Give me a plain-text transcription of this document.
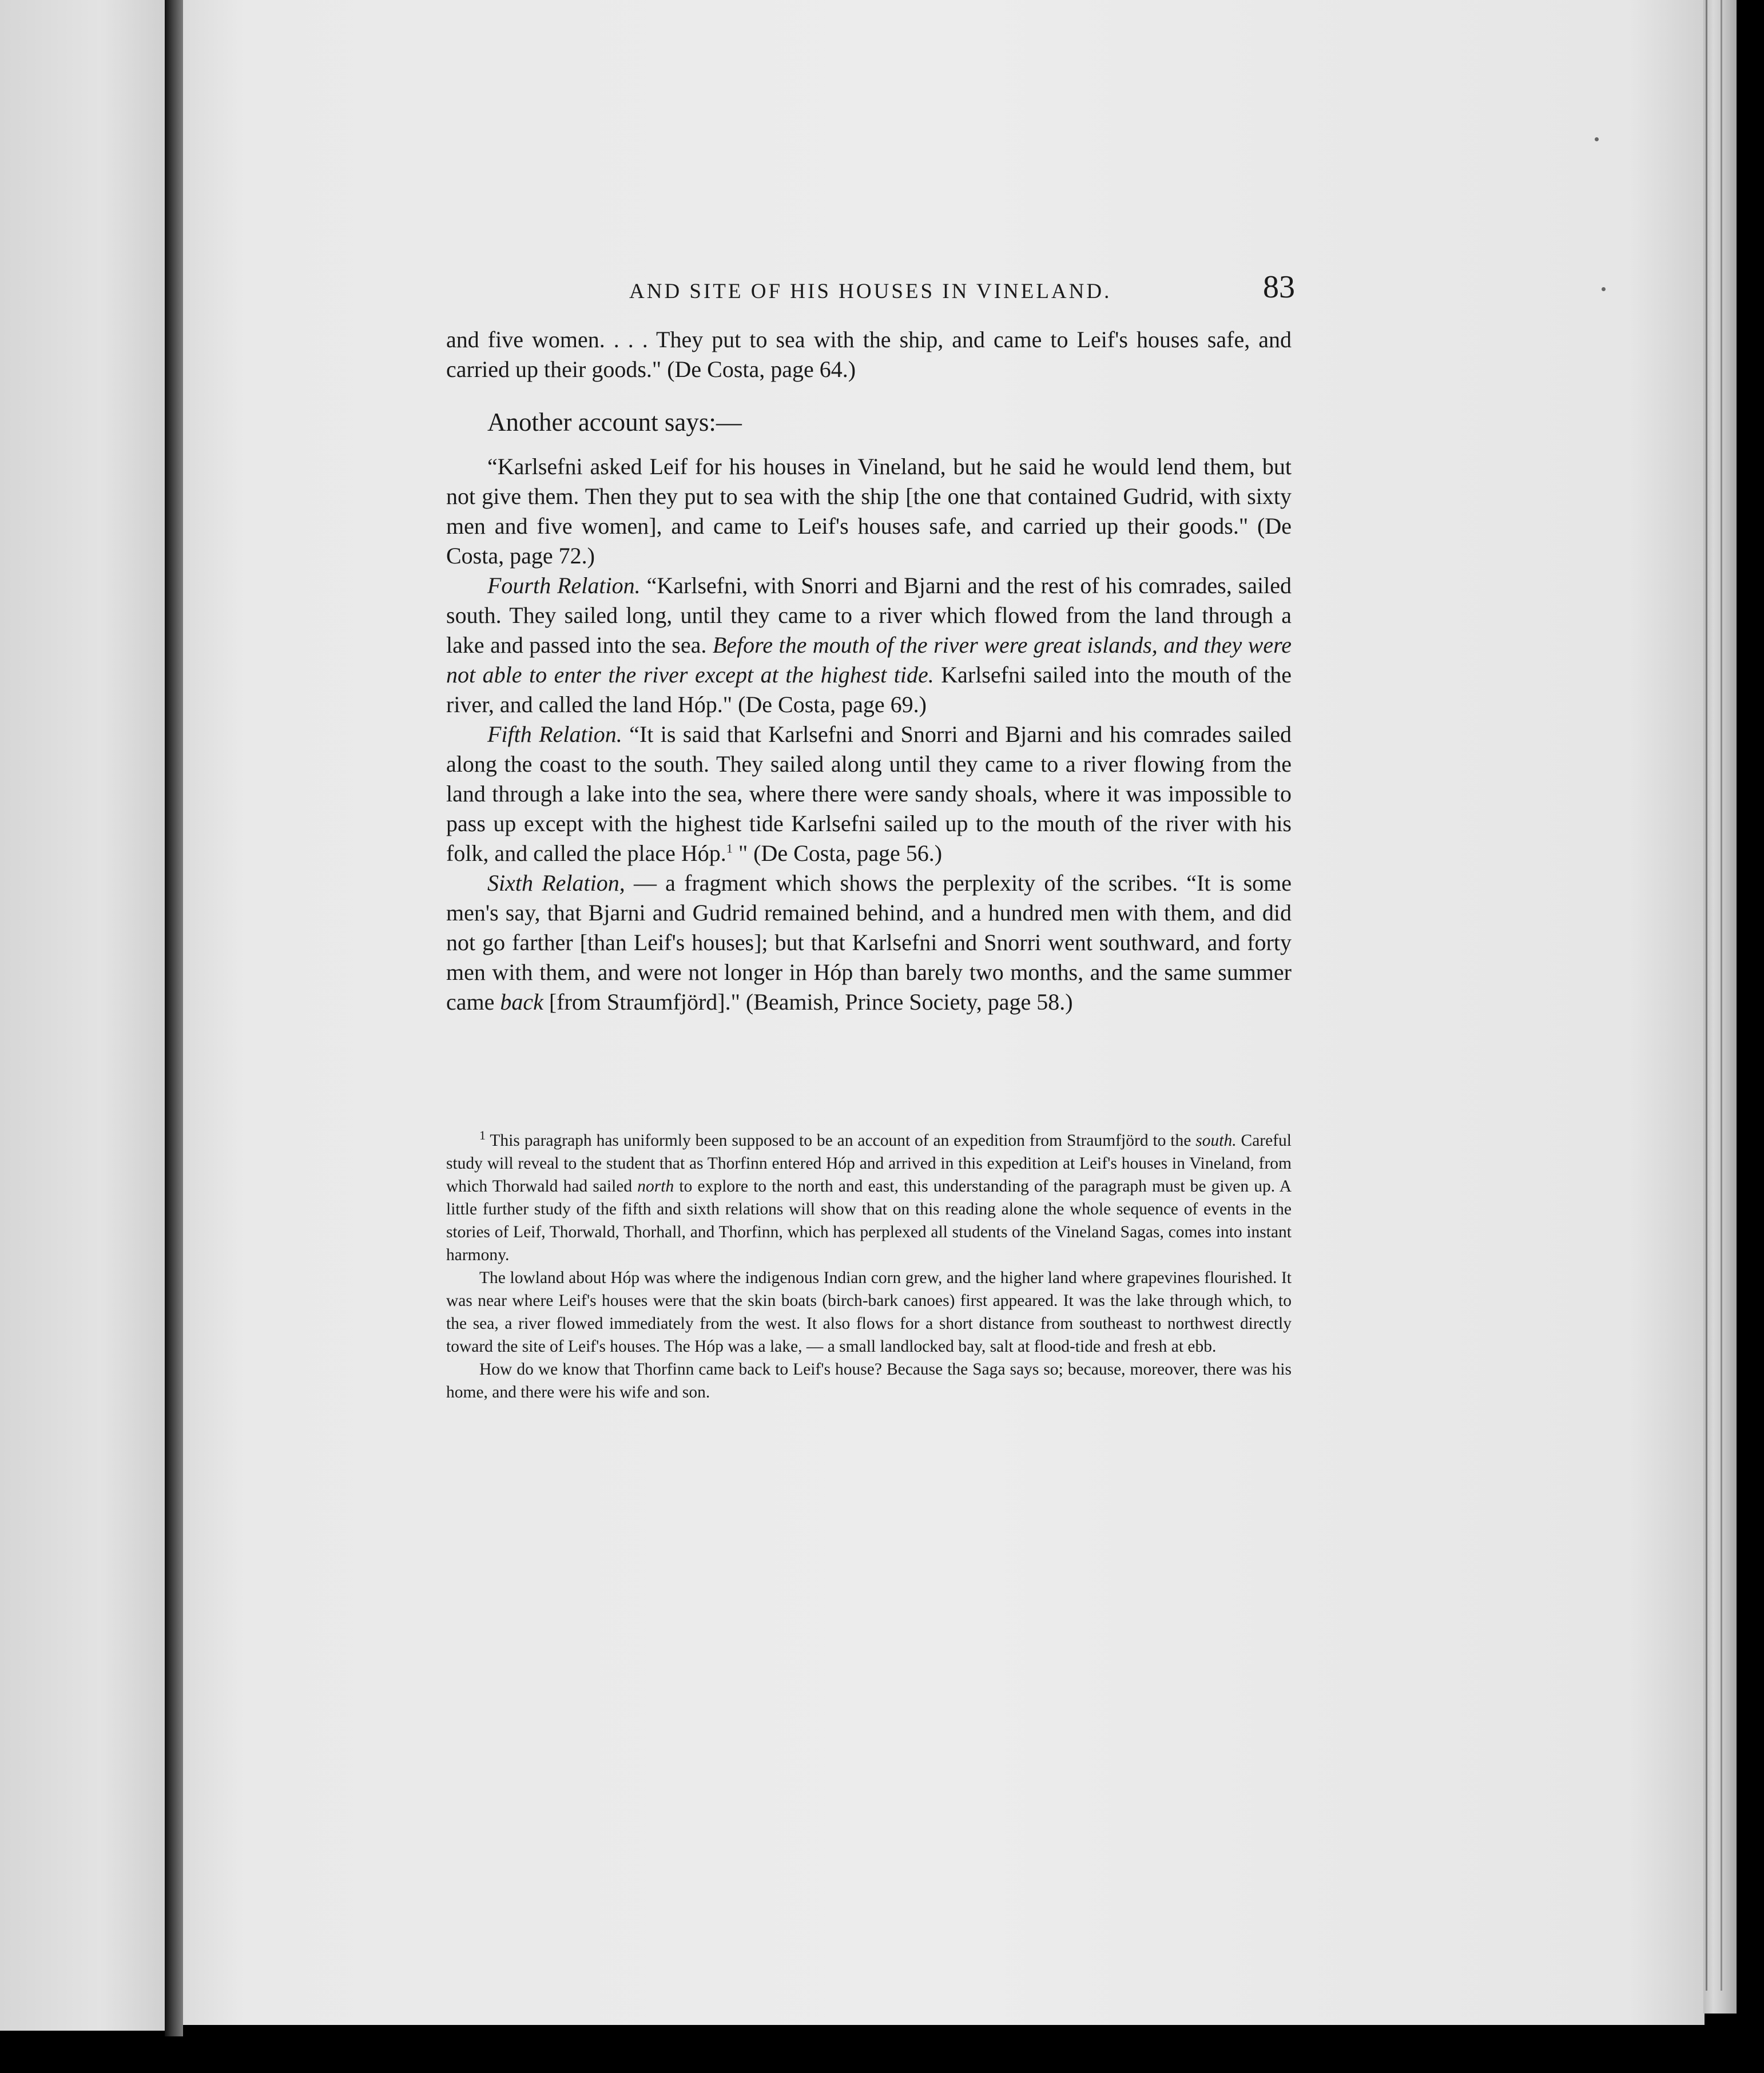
AND SITE OF HIS HOUSES IN VINELAND.	83

and five women. . . . They put to sea with the ship, and came to Leif's houses safe, and carried up their goods." (De Costa, page 64.)

Another account says:—

“Karlsefni asked Leif for his houses in Vineland, but he said he would lend them, but not give them. Then they put to sea with the ship [the one that contained Gudrid, with sixty men and five women], and came to Leif's houses safe, and carried up their goods." (De Costa, page 72.)

Fourth Relation. “Karlsefni, with Snorri and Bjarni and the rest of his comrades, sailed south. They sailed long, until they came to a river which flowed from the land through a lake and passed into the sea. Before the mouth of the river were great islands, and they were not able to enter the river except at the highest tide. Karlsefni sailed into the mouth of the river, and called the land Hóp." (De Costa, page 69.)

Fifth Relation. “It is said that Karlsefni and Snorri and Bjarni and his comrades sailed along the coast to the south. They sailed along until they came to a river flowing from the land through a lake into the sea, where there were sandy shoals, where it was impossible to pass up except with the highest tide Karlsefni sailed up to the mouth of the river with his folk, and called the place Hóp.$^1$ " (De Costa, page 56.)

Sixth Relation, — a fragment which shows the perplexity of the scribes. “It is some men's say, that Bjarni and Gudrid remained behind, and a hundred men with them, and did not go farther [than Leif's houses]; but that Karlsefni and Snorri went southward, and forty men with them, and were not longer in Hóp than barely two months, and the same summer came back [from Straumfjörd]." (Beamish, Prince Society, page 58.)

$^1$ This paragraph has uniformly been supposed to be an account of an expedition from Straumfjörd to the south. Careful study will reveal to the student that as Thorfinn entered Hóp and arrived in this expedition at Leif's houses in Vineland, from which Thorwald had sailed north to explore to the north and east, this understanding of the paragraph must be given up. A little further study of the fifth and sixth relations will show that on this reading alone the whole sequence of events in the stories of Leif, Thorwald, Thorhall, and Thorfinn, which has perplexed all students of the Vineland Sagas, comes into instant harmony.

The lowland about Hóp was where the indigenous Indian corn grew, and the higher land where grapevines flourished. It was near where Leif's houses were that the skin boats (birch-bark canoes) first appeared. It was the lake through which, to the sea, a river flowed immediately from the west. It also flows for a short distance from southeast to northwest directly toward the site of Leif's houses. The Hóp was a lake, — a small landlocked bay, salt at flood-tide and fresh at ebb.

How do we know that Thorfinn came back to Leif's house? Because the Saga says so; because, moreover, there was his home, and there were his wife and son.
